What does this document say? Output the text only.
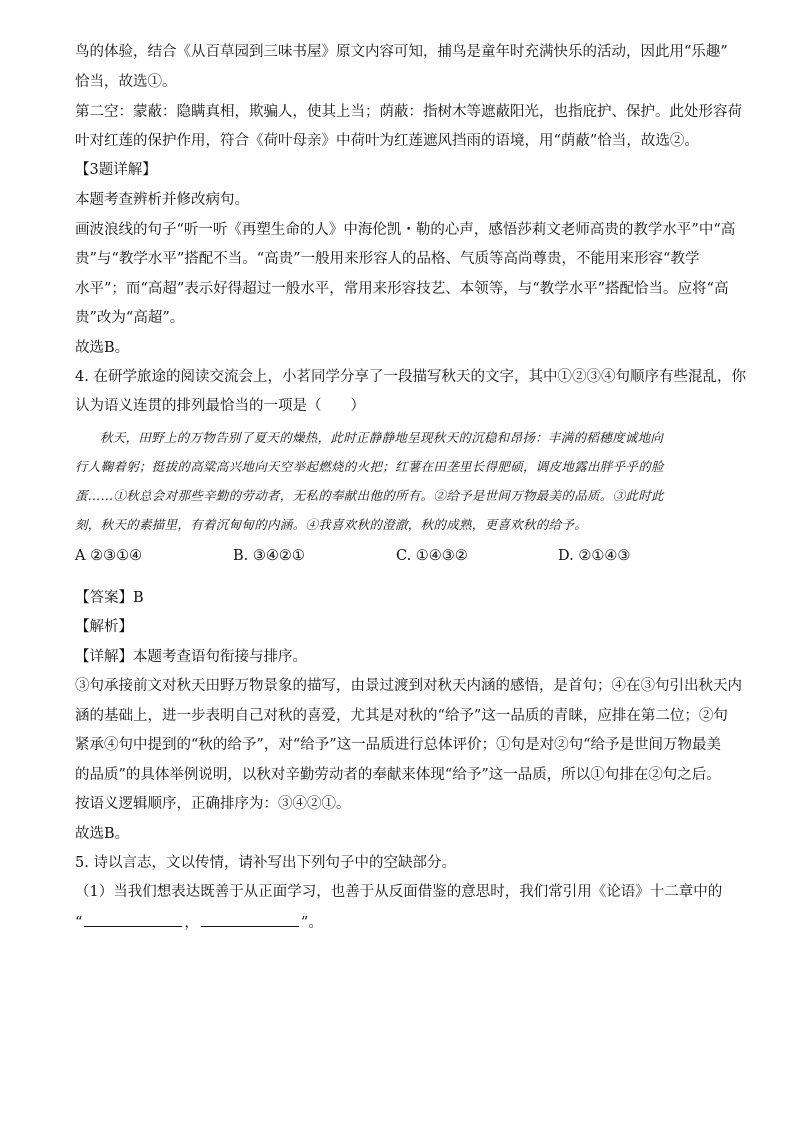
鸟的体验，结合《从百草园到三味书屋》原文内容可知，捕鸟是童年时充满快乐的活动，因此用“乐趣”
恰当，故选①。
第二空：蒙蔽：隐瞒真相，欺骗人，使其上当；荫蔽：指树木等遮蔽阳光，也指庇护、保护。此处形容荷
叶对红莲的保护作用，符合《荷叶母亲》中荷叶为红莲遮风挡雨的语境，用“荫蔽”恰当，故选②。
【3题详解】
本题考查辨析并修改病句。
画波浪线的句子“听一听《再塑生命的人》中海伦凯・勒的心声，感悟莎莉文老师高贵的教学水平”中“高
贵”与“教学水平”搭配不当。“高贵”一般用来形容人的品格、气质等高尚尊贵，不能用来形容“教学
水平”；而“高超”表示好得超过一般水平，常用来形容技艺、本领等，与“教学水平”搭配恰当。应将“高
贵”改为“高超”。
故选B。
4. 在研学旅途的阅读交流会上，小茗同学分享了一段描写秋天的文字，其中①②③④句顺序有些混乱，你
认为语义连贯的排列最恰当的一项是（　　）
秋天，田野上的万物告别了夏天的燥热，此时正静静地呈现秋天的沉稳和昂扬：丰满的稻穗度诚地向
行人鞠着躬；挺拔的高粱高兴地向天空举起燃烧的火把；红薯在田垄里长得肥硕，调皮地露出胖乎乎的脸
蛋……①秋总会对那些辛勤的劳动者，无私的奉献出他的所有。②给予是世间万物最美的品质。③此时此
刻，秋天的素描里，有着沉甸甸的内涵。④我喜欢秋的澄澈，秋的成熟，更喜欢秋的给予。
A ②③①④	B. ③④②①	C. ①④③②	D. ②①④③
【答案】B
【解析】
【详解】本题考查语句衔接与排序。
③句承接前文对秋天田野万物景象的描写，由景过渡到对秋天内涵的感悟，是首句；④在③句引出秋天内
涵的基础上，进一步表明自己对秋的喜爱，尤其是对秋的“给予”这一品质的青睐，应排在第二位；②句
紧承④句中提到的“秋的给予”，对“给予”这一品质进行总体评价；①句是对②句“给予是世间万物最美
的品质”的具体举例说明，以秋对辛勤劳动者的奉献来体现“给予”这一品质，所以①句排在②句之后。
按语义逻辑顺序，正确排序为：③④②①。
故选B。
5. 诗以言志，文以传情，请补写出下列句子中的空缺部分。
（1）当我们想表达既善于从正面学习，也善于从反面借鉴的意思时，我们常引用《论语》十二章中的
“	，	”。
